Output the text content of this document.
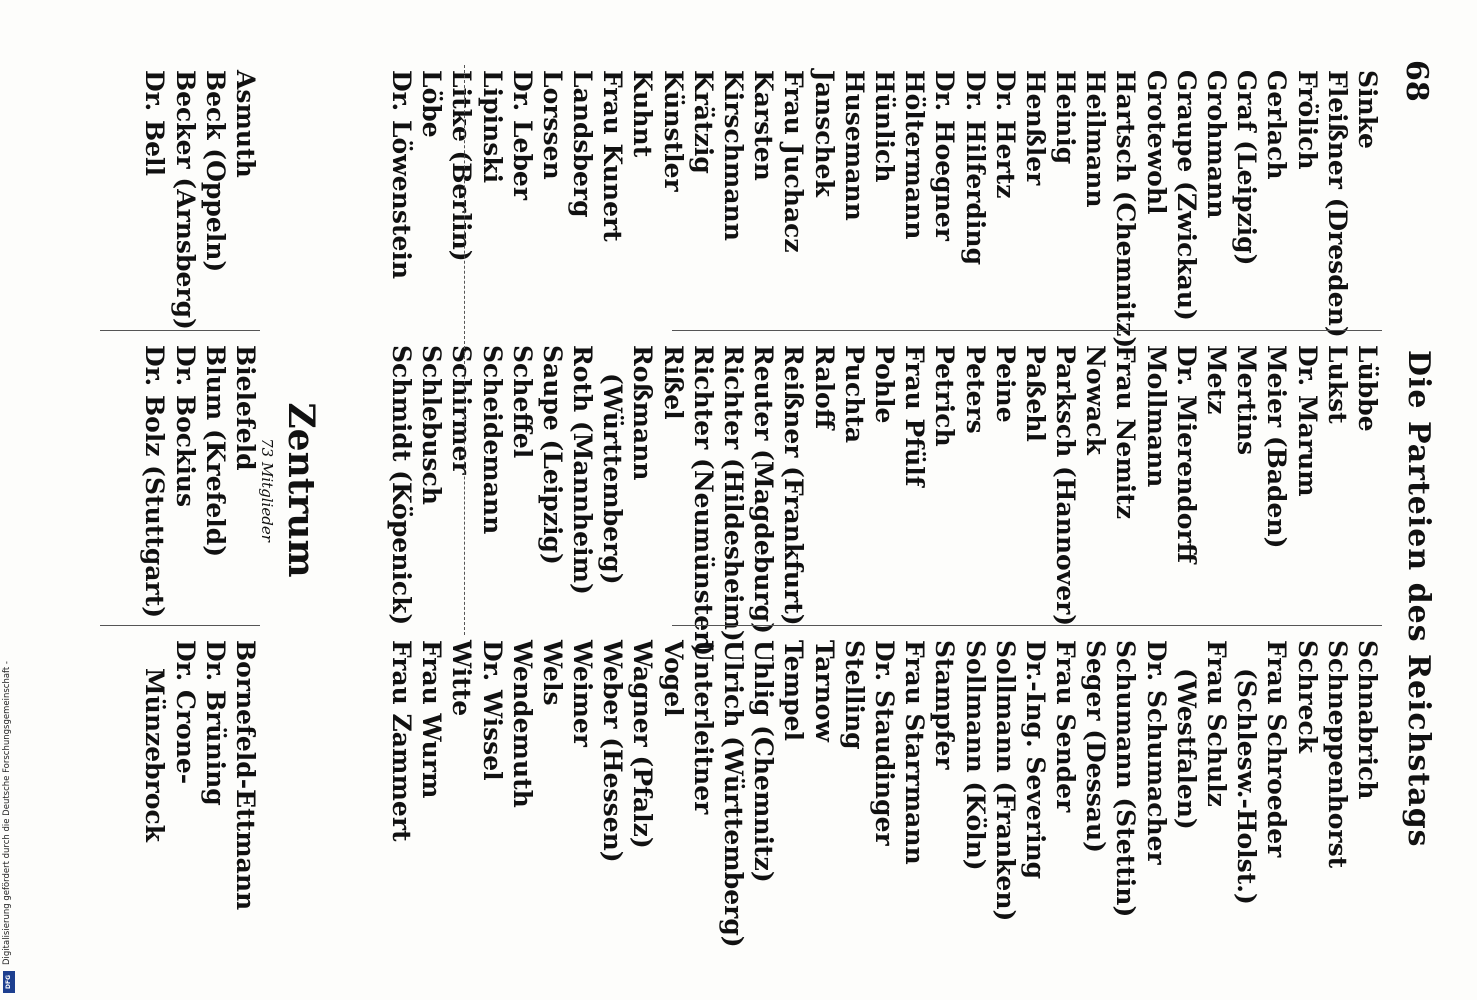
68
Die Parteien des Reichstags
Sinke
Fleißner (Dresden)
Frölich
Gerlach
Graf (Leipzig)
Grohmann
Graupe (Zwickau)
Grotewohl
Hartsch (Chemnitz)
Heilmann
Heinig
Henßler
Dr. Hertz
Dr. Hilferding
Dr. Hoegner
Höltermann
Hünlich
Husemann
Janschek
Frau Juchacz
Karsten
Kirschmann
Krätzig
Künstler
Kuhnt
Frau Kunert
Landsberg
Lorssen
Dr. Leber
Lipinski
Litke (Berlin)
Löbe
Dr. Löwenstein
Lübbe
Lukst
Dr. Marum
Meier (Baden)
Mertins
Metz
Dr. Mierendorff
Mollmann
Frau Nemitz
Nowack
Parksch (Hannover)
Paßehl
Peine
Peters
Petrich
Frau Pfülf
Pohle
Puchta
Raloff
Reißner (Frankfurt)
Reuter (Magdeburg)
Richter (Hildesheim)
Richter (Neumünster)
Rißel
Roßmann
(Württemberg)
Roth (Mannheim)
Saupe (Leipzig)
Scheffel
Scheidemann
Schirmer
Schlebusch
Schmidt (Köpenick)
Schnabrich
Schneppenhorst
Schreck
Frau Schroeder
(Schlesw.-Holst.)
Frau Schulz
(Westfalen)
Dr. Schumacher
Schumann (Stettin)
Seger (Dessau)
Frau Sender
Dr.-Ing. Severing
Sollmann (Franken)
Sollmann (Köln)
Stampfer
Frau Starrmann
Dr. Staudinger
Stelling
Tarnow
Tempel
Uhlig (Chemnitz)
Ulrich (Württemberg)
Unterleitner
Vogel
Wagner (Pfalz)
Weber (Hessen)
Weimer
Wels
Wendemuth
Dr. Wissel
Witte
Frau Wurm
Frau Zammert
Zentrum
73 Mitglieder
Asmuth
Beck (Oppeln)
Becker (Arnsberg)
Dr. Bell
Bielefeld
Blum (Krefeld)
Dr. Bockius
Dr. Bolz (Stuttgart)
Bornefeld-Ettmann
Dr. Brüning
Dr. Crone-
Münzebrock
Digitalisierung gefördert durch die Deutsche Forschungsgemeinschaft -
DFG
